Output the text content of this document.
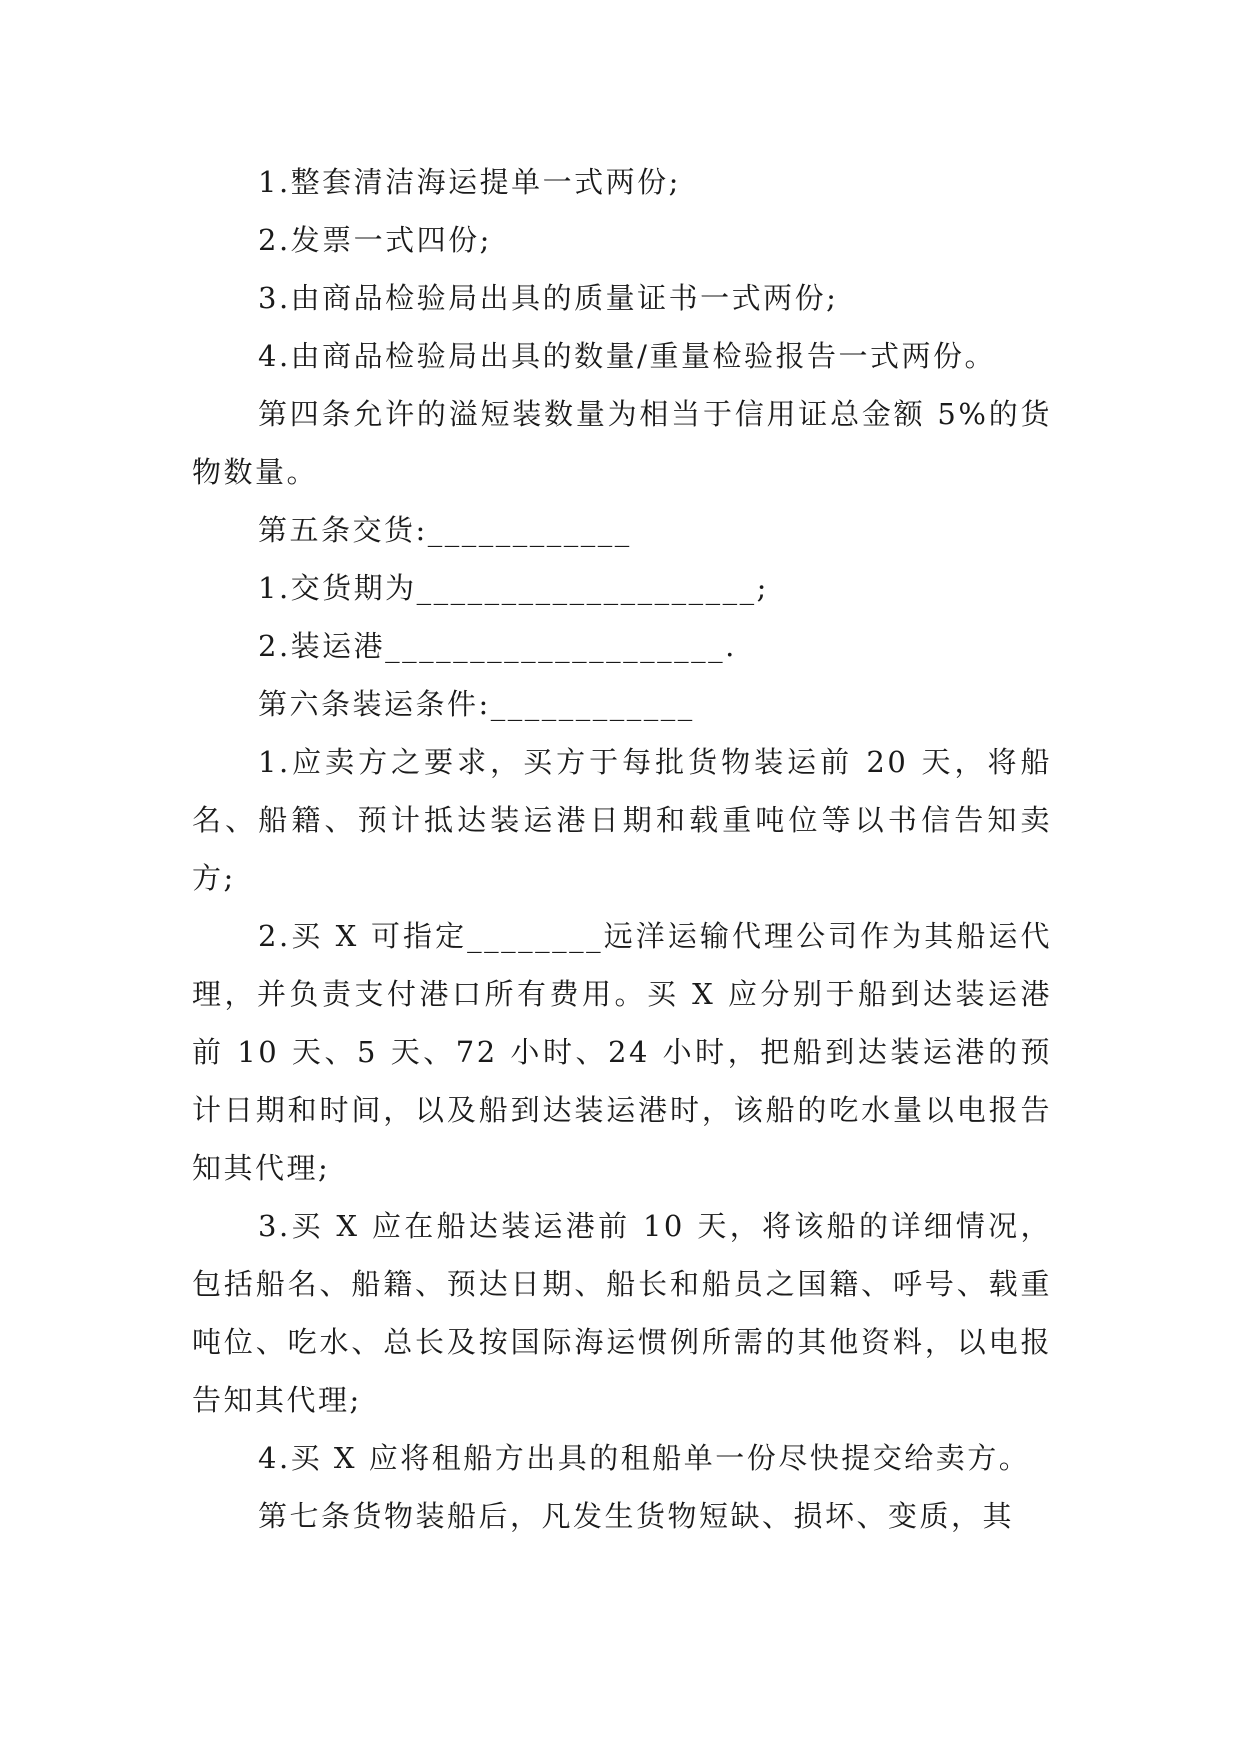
1.整套清洁海运提单一式两份;

2.发票一式四份;

3.由商品检验局出具的质量证书一式两份;

4.由商品检验局出具的数量/重量检验报告一式两份。

第四条允许的溢短装数量为相当于信用证总金额 5%的货物数量。

第五条交货:____________

1.交货期为____________________;

2.装运港____________________.

第六条装运条件:____________

1.应卖方之要求，买方于每批货物装运前 20 天，将船名、船籍、预计抵达装运港日期和载重吨位等以书信告知卖方;

2.买 X 可指定________远洋运输代理公司作为其船运代理，并负责支付港口所有费用。买 X 应分别于船到达装运港前 10 天、5 天、72 小时、24 小时，把船到达装运港的预计日期和时间，以及船到达装运港时，该船的吃水量以电报告知其代理;

3.买 X 应在船达装运港前 10 天，将该船的详细情况，包括船名、船籍、预达日期、船长和船员之国籍、呼号、载重吨位、吃水、总长及按国际海运惯例所需的其他资料，以电报告知其代理;

4.买 X 应将租船方出具的租船单一份尽快提交给卖方。

第七条货物装船后，凡发生货物短缺、损坏、变质，其
